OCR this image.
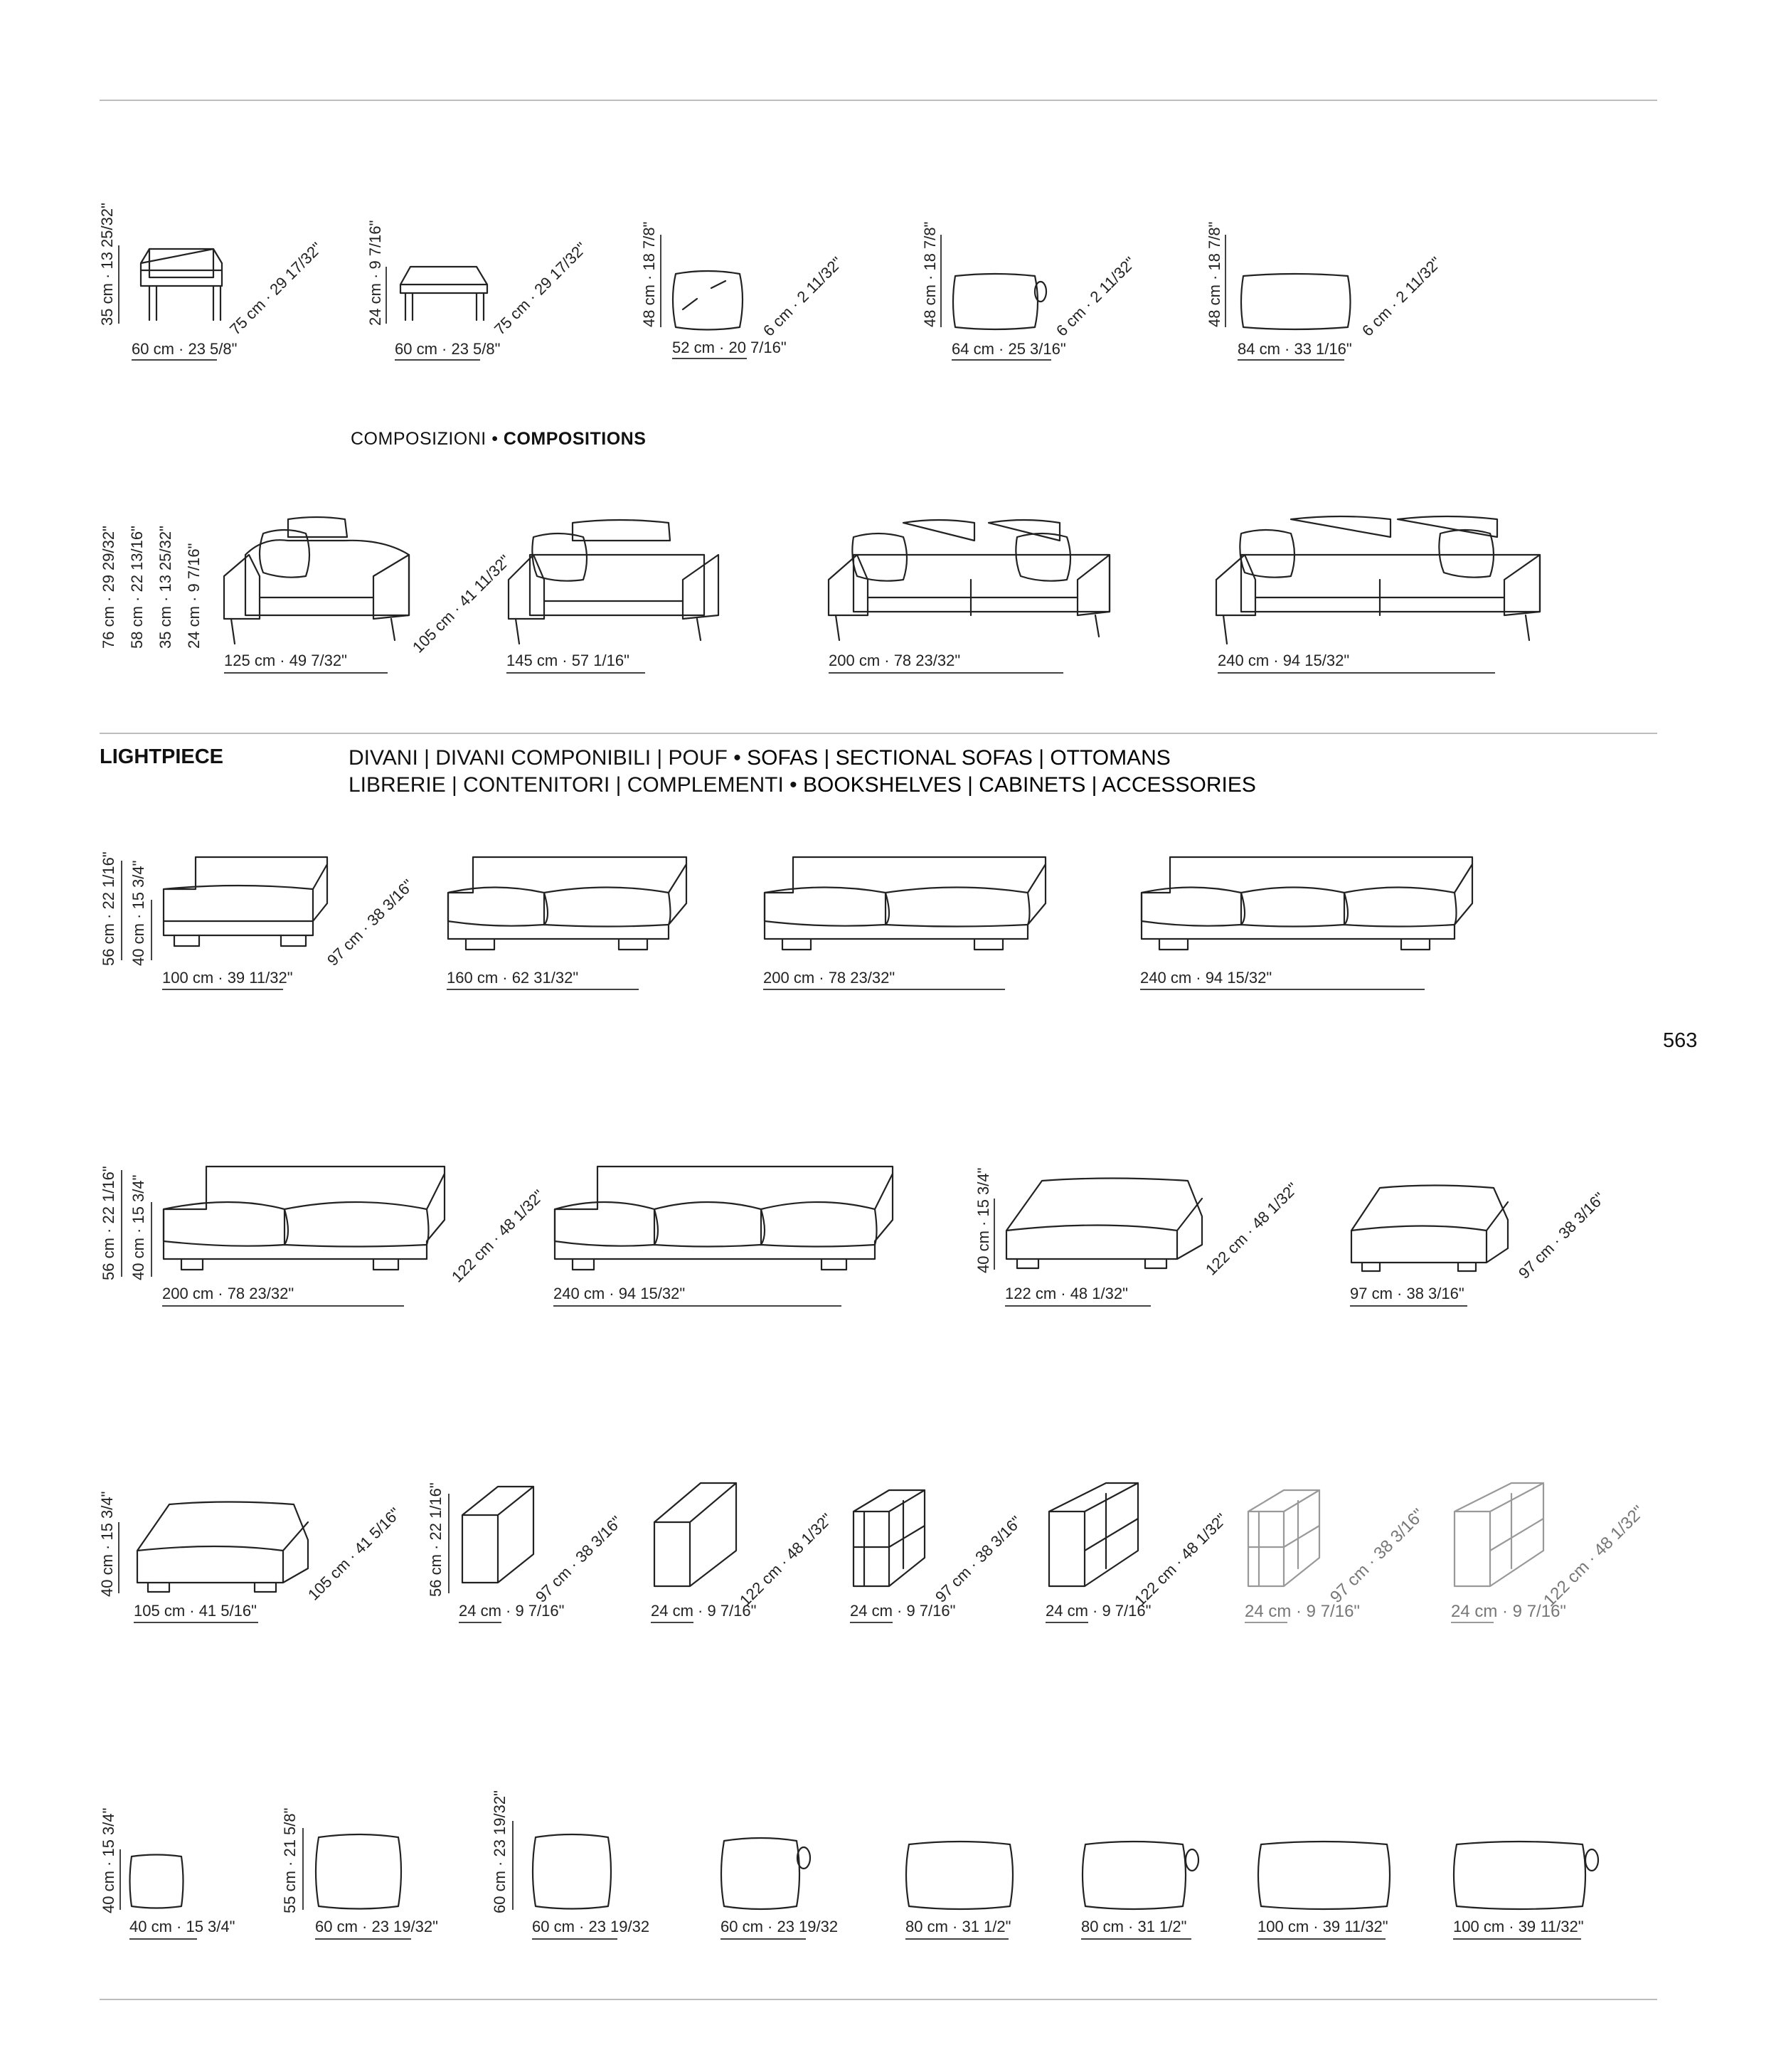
COMPOSIZIONI • COMPOSITIONS
LIGHTPIECE	DIVANI | DIVANI COMPONIBILI | POUF • SOFAS | SECTIONAL SOFAS | OTTOMANS
LIBRERIE | CONTENITORI | COMPLEMENTI • BOOKSHELVES | CABINETS | ACCESSORIES
563
35 cm · 13 25/32"	75 cm · 29 17/32"
60 cm · 23 5/8"
24 cm · 9 7/16"	75 cm · 29 17/32"
60 cm · 23 5/8"
48 cm · 18 7/8"	6 cm · 2 11/32"
52 cm · 20 7/16"
48 cm · 18 7/8"	6 cm · 2 11/32"
64 cm · 25 3/16"
48 cm · 18 7/8"	6 cm · 2 11/32"
84 cm · 33 1/16"
76 cm · 29 29/32" 58 cm · 22 13/16" 35 cm · 13 25/32" 24 cm · 9 7/16"	105 cm · 41 11/32"
125 cm · 49 7/32"	145 cm · 57 1/16"	200 cm · 78 23/32"	240 cm · 94 15/32"
56 cm · 22 1/16" 40 cm · 15 3/4"	97 cm · 38 3/16"
100 cm · 39 11/32"	160 cm · 62 31/32"	200 cm · 78 23/32"	240 cm · 94 15/32"
56 cm · 22 1/16" 40 cm · 15 3/4"	122 cm · 48 1/32"
200 cm · 78 23/32"	240 cm · 94 15/32"
40 cm · 15 3/4"	122 cm · 48 1/32"
122 cm · 48 1/32"
97 cm · 38 3/16"
97 cm · 38 3/16"
40 cm · 15 3/4"	105 cm · 41 5/16"
105 cm · 41 5/16"
56 cm · 22 1/16"	97 cm · 38 3/16"
24 cm · 9 7/16"
122 cm · 48 1/32"
24 cm · 9 7/16"
97 cm · 38 3/16"
24 cm · 9 7/16"
122 cm · 48 1/32"
24 cm · 9 7/16"
97 cm · 38 3/16"
24 cm · 9 7/16"
122 cm · 48 1/32"
24 cm · 9 7/16"
40 cm · 15 3/4"
40 cm · 15 3/4"
55 cm · 21 5/8"
60 cm · 23 19/32"
60 cm · 23 19/32"
60 cm · 23 19/32	60 cm · 23 19/32	80 cm · 31 1/2"	80 cm · 31 1/2"	100 cm · 39 11/32"	100 cm · 39 11/32"
